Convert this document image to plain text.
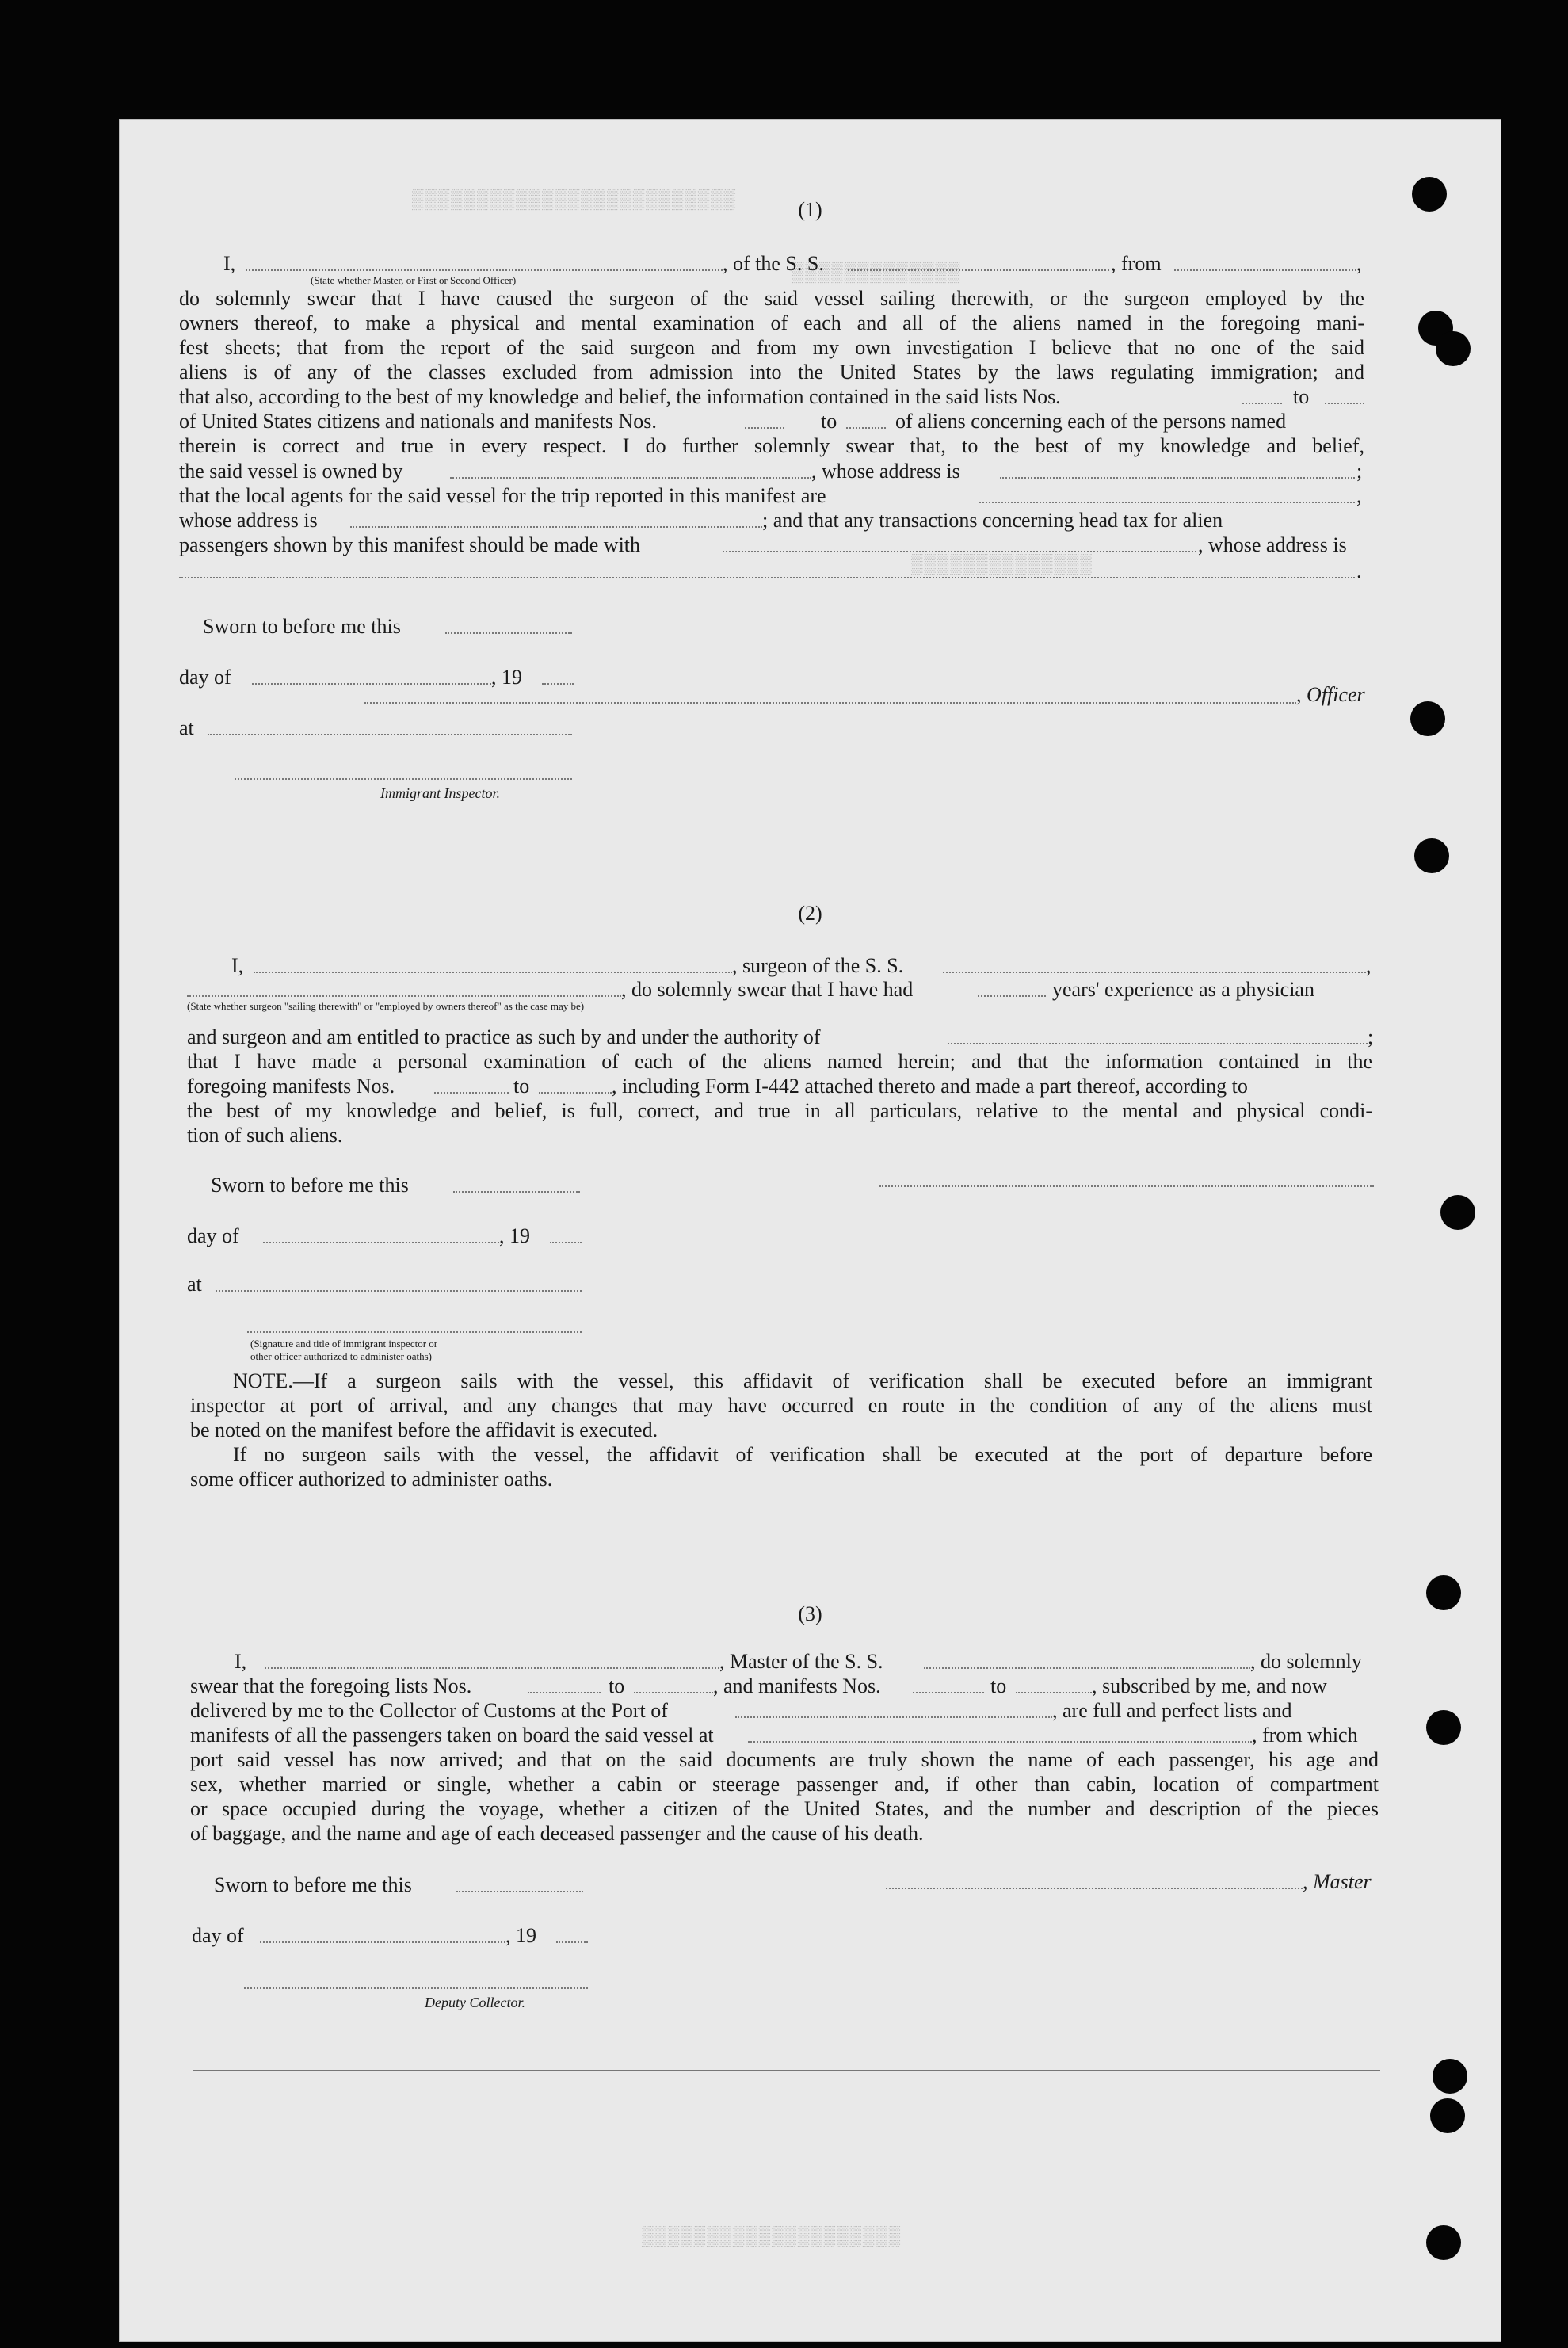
▒▒▒▒▒▒▒▒▒▒▒▒▒▒▒▒▒▒▒▒▒▒▒▒▒
▒▒▒▒▒▒▒▒▒▒▒▒▒
▒▒▒▒▒▒▒▒▒▒▒▒▒▒
▒▒▒▒▒▒▒▒▒▒▒▒▒▒▒▒▒▒▒▒
(1)
I,	, of the S. S.	, from	,
(State whether Master, or First or Second Officer)
do solemnly swear that I have caused the surgeon of the said vessel sailing therewith, or the surgeon employed by the
owners thereof, to make a physical and mental examination of each and all of the aliens named in the foregoing mani-
fest sheets; that from the report of the said surgeon and from my own investigation I believe that no one of the said
aliens is of any of the classes excluded from admission into the United States by the laws regulating immigration; and
that also, according to the best of my knowledge and belief, the information contained in the said lists Nos.	to
of United States citizens and nationals and manifests Nos.	to	of aliens concerning each of the persons named
therein is correct and true in every respect. I do further solemnly swear that, to the best of my knowledge and belief,
the said vessel is owned by	, whose address is	;
that the local agents for the said vessel for the trip reported in this manifest are	,
whose address is	; and that any transactions concerning head tax for alien
passengers shown by this manifest should be made with	, whose address is
.
Sworn to before me this
day of	, 19
, Officer
at
Immigrant Inspector.
(2)
I,	, surgeon of the S. S.	,
, do solemnly swear that I have had	years' experience as a physician
(State whether surgeon "sailing therewith" or "employed by owners thereof" as the case may be)
and surgeon and am entitled to practice as such by and under the authority of	;
that I have made a personal examination of each of the aliens named herein; and that the information contained in the
foregoing manifests Nos.	to	, including Form I-442 attached thereto and made a part thereof, according to
the best of my knowledge and belief, is full, correct, and true in all particulars, relative to the mental and physical condi-
tion of such aliens.
Sworn to before me this
day of	, 19
at
(Signature and title of immigrant inspector or
other officer authorized to administer oaths)
NOTE.—If a surgeon sails with the vessel, this affidavit of verification shall be executed before an immigrant
inspector at port of arrival, and any changes that may have occurred en route in the condition of any of the aliens must
be noted on the manifest before the affidavit is executed.
If no surgeon sails with the vessel, the affidavit of verification shall be executed at the port of departure before
some officer authorized to administer oaths.
(3)
I,	, Master of the S. S.	, do solemnly
swear that the foregoing lists Nos.	to	, and manifests Nos.	to	, subscribed by me, and now
delivered by me to the Collector of Customs at the Port of	, are full and perfect lists and
manifests of all the passengers taken on board the said vessel at	, from which
port said vessel has now arrived; and that on the said documents are truly shown the name of each passenger, his age and
sex, whether married or single, whether a cabin or steerage passenger and, if other than cabin, location of compartment
or space occupied during the voyage, whether a citizen of the United States, and the number and description of the pieces
of baggage, and the name and age of each deceased passenger and the cause of his death.
Sworn to before me this	, Master
day of	, 19
Deputy Collector.
